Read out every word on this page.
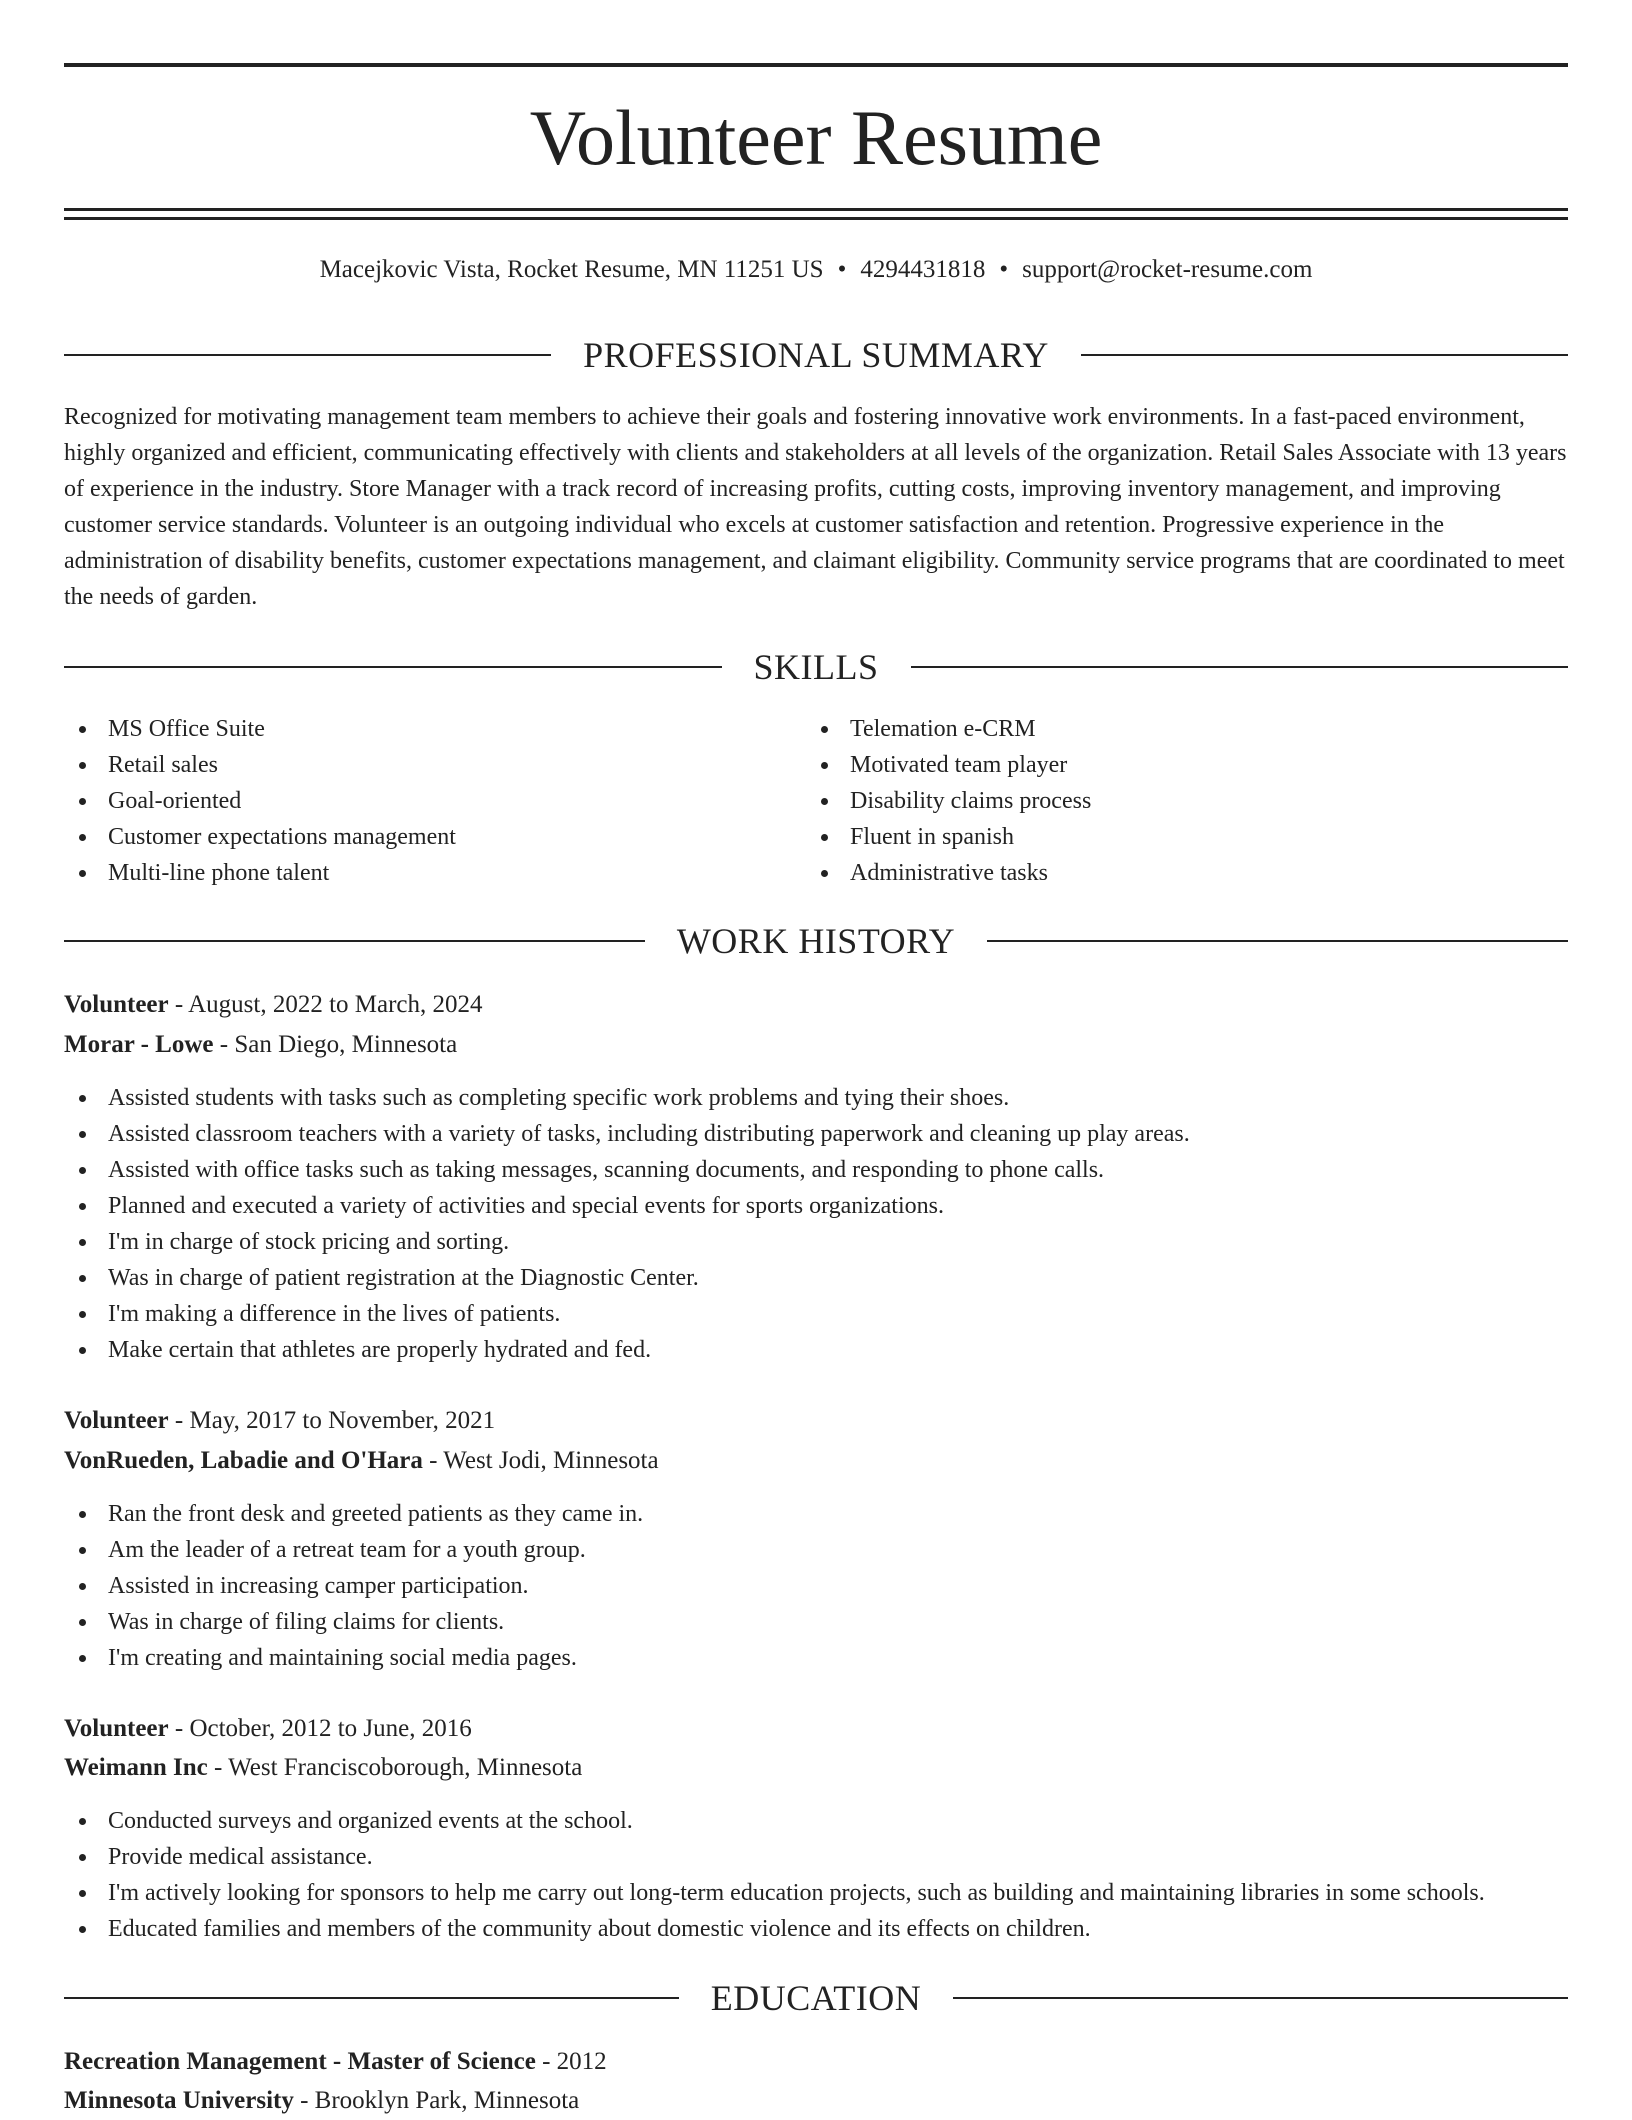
Volunteer Resume
Macejkovic Vista, Rocket Resume, MN 11251 US • 4294431818 • support@rocket-resume.com
PROFESSIONAL SUMMARY

Recognized for motivating management team members to achieve their goals and fostering innovative work environments. In a fast-paced environment, highly organized and efficient, communicating effectively with clients and stakeholders at all levels of the organization. Retail Sales Associate with 13 years of experience in the industry. Store Manager with a track record of increasing profits, cutting costs, improving inventory management, and improving customer service standards. Volunteer is an outgoing individual who excels at customer satisfaction and retention. Progressive experience in the administration of disability benefits, customer expectations management, and claimant eligibility. Community service programs that are coordinated to meet the needs of garden.

SKILLS
MS Office Suite
Retail sales
Goal-oriented
Customer expectations management
Multi-line phone talent
Telemation e-CRM
Motivated team player
Disability claims process
Fluent in spanish
Administrative tasks
WORK HISTORY
Volunteer - August, 2022 to March, 2024
Morar - Lowe - San Diego, Minnesota
Assisted students with tasks such as completing specific work problems and tying their shoes.
Assisted classroom teachers with a variety of tasks, including distributing paperwork and cleaning up play areas.
Assisted with office tasks such as taking messages, scanning documents, and responding to phone calls.
Planned and executed a variety of activities and special events for sports organizations.
I'm in charge of stock pricing and sorting.
Was in charge of patient registration at the Diagnostic Center.
I'm making a difference in the lives of patients.
Make certain that athletes are properly hydrated and fed.
Volunteer - May, 2017 to November, 2021
VonRueden, Labadie and O'Hara - West Jodi, Minnesota
Ran the front desk and greeted patients as they came in.
Am the leader of a retreat team for a youth group.
Assisted in increasing camper participation.
Was in charge of filing claims for clients.
I'm creating and maintaining social media pages.
Volunteer - October, 2012 to June, 2016
Weimann Inc - West Franciscoborough, Minnesota
Conducted surveys and organized events at the school.
Provide medical assistance.
I'm actively looking for sponsors to help me carry out long-term education projects, such as building and maintaining libraries in some schools.
Educated families and members of the community about domestic violence and its effects on children.
EDUCATION
Recreation Management - Master of Science - 2012
Minnesota University - Brooklyn Park, Minnesota
